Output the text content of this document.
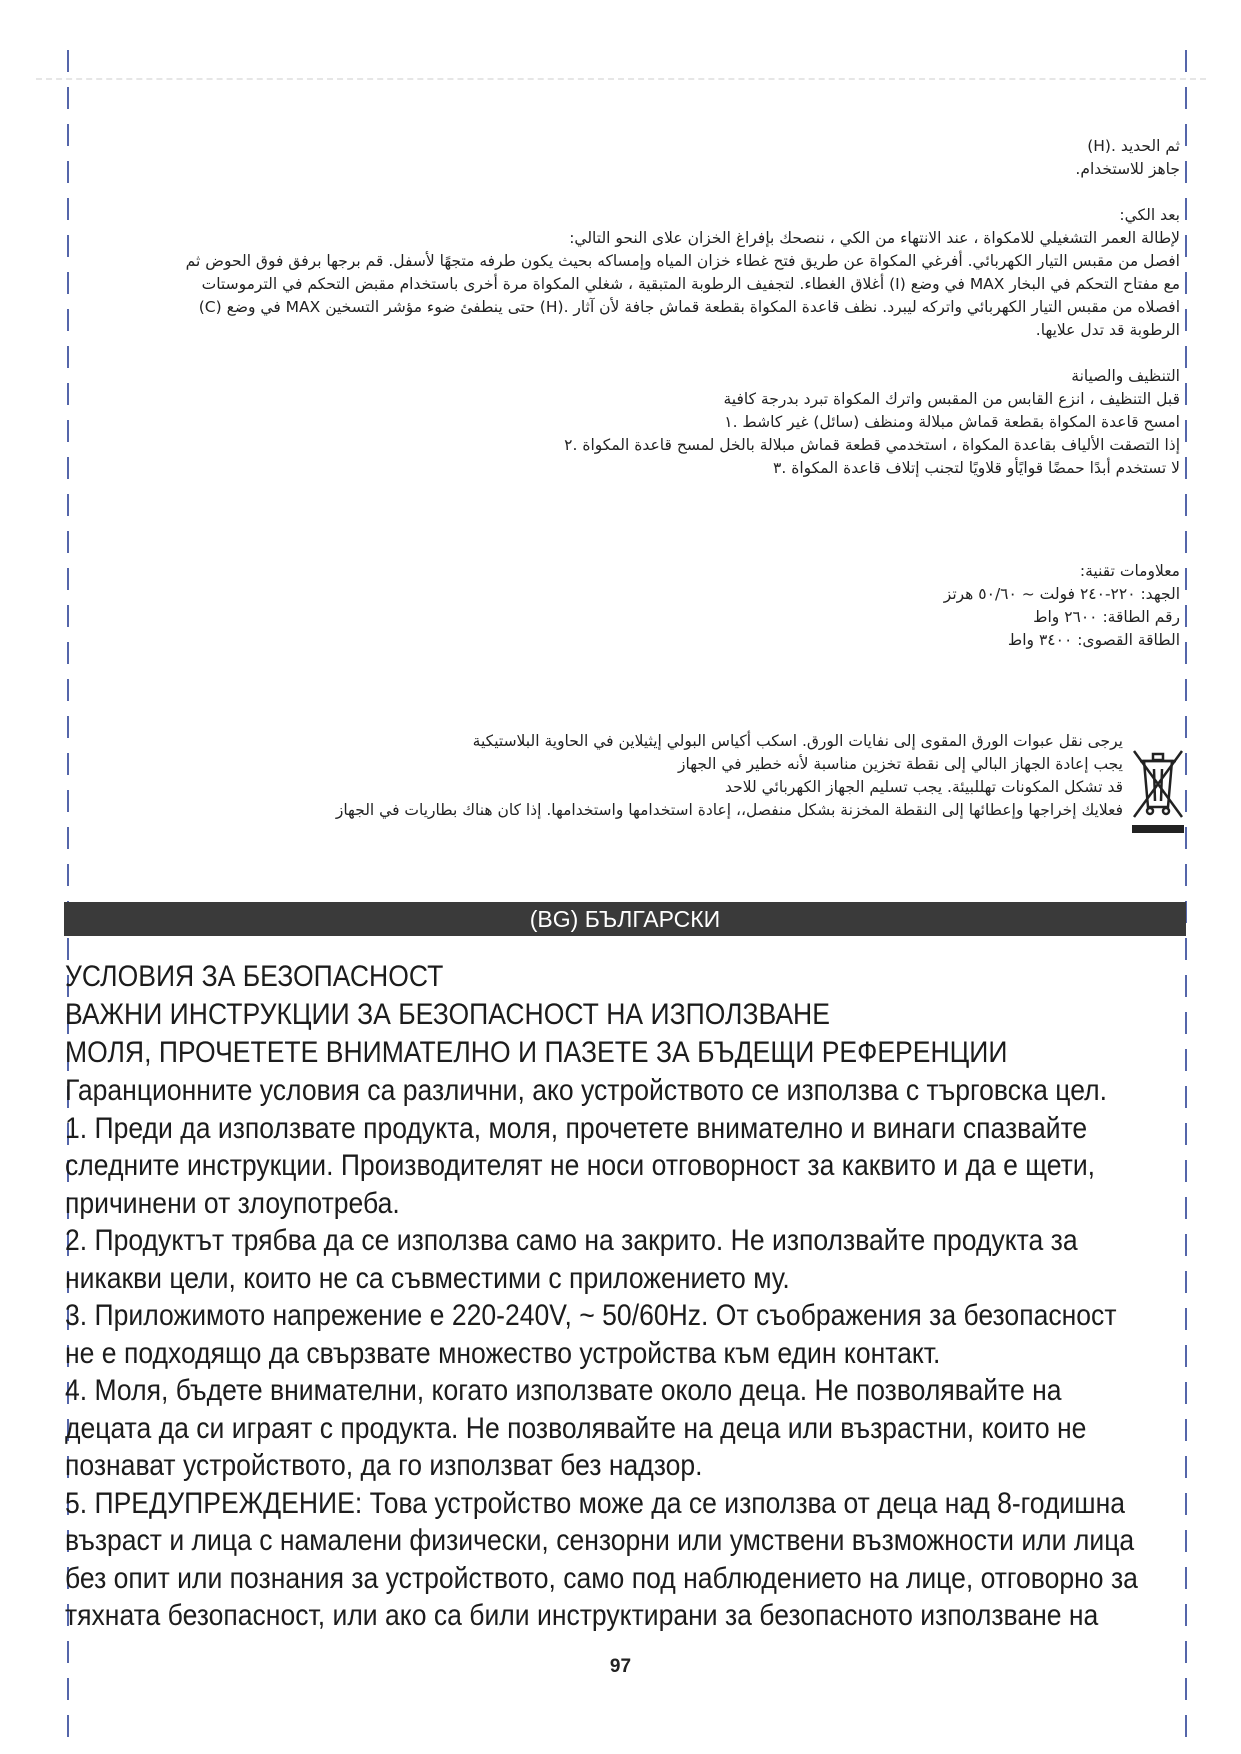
ثم الحديد .(H)
جاهز للاستخدام.
بعد الكي:
لإطالة العمر التشغيلي للامكواة ، عند الانتهاء من الكي ، ننصحك بإفراغ الخزان علاى النحو التالي:
افصل من مقبس التيار الكهربائي. أفرغي المكواة عن طريق فتح غطاء خزان المياه وإمساكه بحيث يكون طرفه متجهًا لأسفل. قم برجها برفق فوق الحوض ثم
مع مفتاح التحكم في البخار MAX في وضع (I) أغلاق الغطاء. لتجفيف الرطوبة المتبقية ، شغلي المكواة مرة أخرى باستخدام مقبض التحكم في الترموستات
افصلاه من مقبس التيار الكهربائي واتركه ليبرد. نظف قاعدة المكواة بقطعة قماش جافة لأن آثار .(H) حتى ينطفئ ضوء مؤشر التسخين MAX في وضع (C)
الرطوبة قد تدل علايها.
التنظيف والصيانة
قبل التنظيف ، انزع القابس من المقبس واترك المكواة تبرد بدرجة كافية
امسح قاعدة المكواة بقطعة قماش مبلالة ومنظف (سائل) غير كاشط .١
إذا التصقت الألياف بقاعدة المكواة ، استخدمي قطعة قماش مبلالة بالخل لمسح قاعدة المكواة .٢
لا تستخدم أبدًا حمضًا قوايًأو قلاويًا لتجنب إتلاف قاعدة المكواة .٣
معلاومات تقنية:
الجهد: ٢٢٠-٢٤٠ فولت ~ ٥٠/٦٠ هرتز
رقم الطاقة: ٢٦٠٠ واط
الطاقة القصوى: ٣٤٠٠ واط
يرجى نقل عبوات الورق المقوى إلى نفايات الورق. اسكب أكياس البولي إيثيلاين في الحاوية البلاستيكية
يجب إعادة الجهاز البالي إلى نقطة تخزين مناسبة لأنه خطير في الجهاز
قد تشكل المكونات تهللبيئة. يجب تسليم الجهاز الكهربائي للاحد
فعلايك إخراجها وإعطائها إلى النقطة المخزنة بشكل منفصل،، إعادة استخدامها واستخدامها. إذا كان هناك بطاريات في الجهاز
(BG) БЪЛГАРСКИ
УСЛОВИЯ ЗА БЕЗОПАСНОСТ
ВАЖНИ ИНСТРУКЦИИ ЗА БЕЗОПАСНОСТ НА ИЗПОЛЗВАНЕ
МОЛЯ, ПРОЧЕТЕТЕ ВНИМАТЕЛНО И ПАЗЕТЕ ЗА БЪДЕЩИ РЕФЕРЕНЦИИ
Гаранционните условия са различни, ако устройството се използва с търговска цел.
1. Преди да използвате продукта, моля, прочетете внимателно и винаги спазвайте
следните инструкции. Производителят не носи отговорност за каквито и да е щети,
причинени от злоупотреба.
2. Продуктът трябва да се използва само на закрито. Не използвайте продукта за
никакви цели, които не са съвместими с приложението му.
3. Приложимото напрежение е 220-240V, ~ 50/60Hz. От съображения за безопасност
не е подходящо да свързвате множество устройства към един контакт.
4. Моля, бъдете внимателни, когато използвате около деца. Не позволявайте на
децата да си играят с продукта. Не позволявайте на деца или възрастни, които не
познават устройството, да го използват без надзор.
5. ПРЕДУПРЕЖДЕНИЕ: Това устройство може да се използва от деца над 8-годишна
възраст и лица с намалени физически, сензорни или умствени възможности или лица
без опит или познания за устройството, само под наблюдението на лице, отговорно за
тяхната безопасност, или ако са били инструктирани за безопасното използване на
97
